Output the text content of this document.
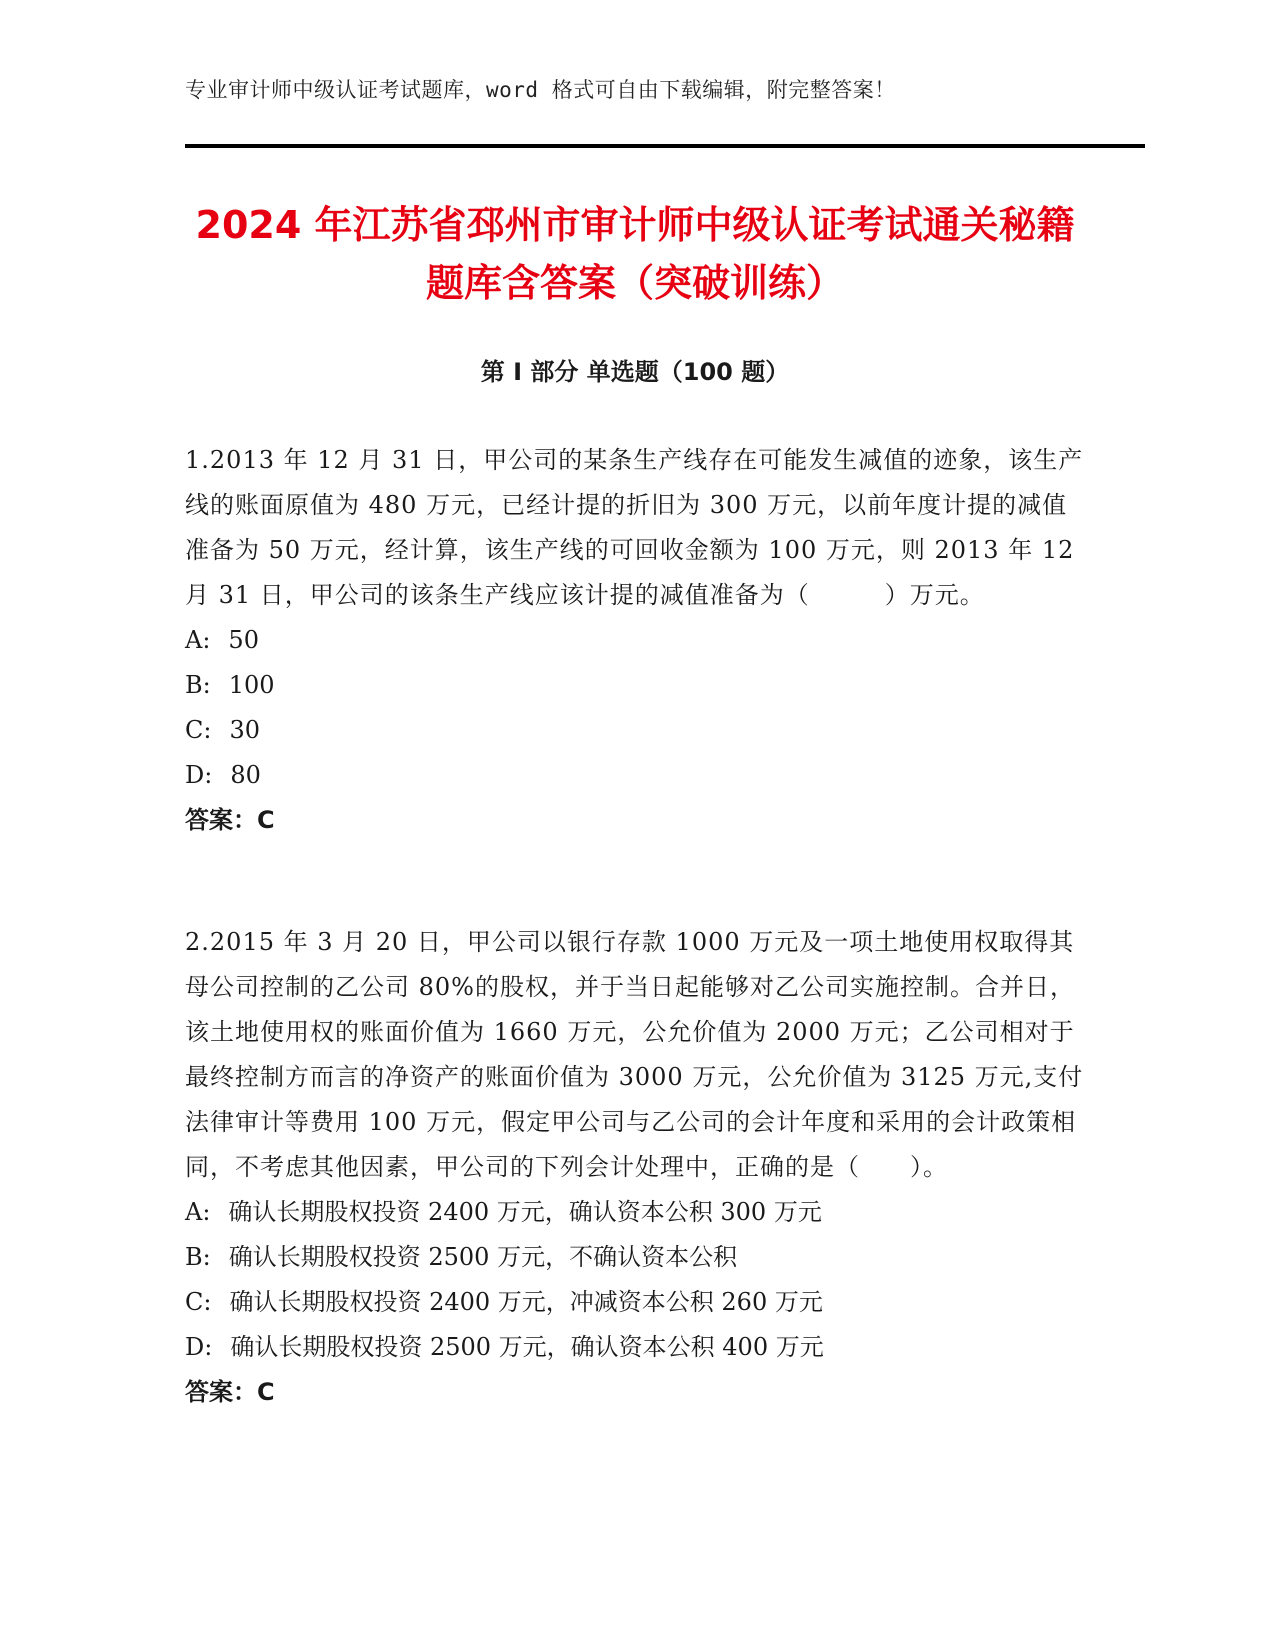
专业审计师中级认证考试题库，word 格式可自由下载编辑，附完整答案！
2024 年江苏省邳州市审计师中级认证考试通关秘籍题库含答案（突破训练）
第 I 部分 单选题（100 题）

1.2013 年 12 月 31 日，甲公司的某条生产线存在可能发生减值的迹象，该生产线的账面原值为 480 万元，已经计提的折旧为 300 万元，以前年度计提的减值准备为 50 万元，经计算，该生产线的可回收金额为 100 万元，则 2013 年 12 月 31 日，甲公司的该条生产线应该计提的减值准备为（　　　）万元。

A: 50

B: 100

C: 30

D: 80

答案：C

2.2015 年 3 月 20 日，甲公司以银行存款 1000 万元及一项土地使用权取得其母公司控制的乙公司 80%的股权，并于当日起能够对乙公司实施控制。合并日，该土地使用权的账面价值为 1660 万元，公允价值为 2000 万元；乙公司相对于最终控制方而言的净资产的账面价值为 3000 万元，公允价值为 3125 万元,支付法律审计等费用 100 万元，假定甲公司与乙公司的会计年度和采用的会计政策相同，不考虑其他因素，甲公司的下列会计处理中，正确的是（　　）。

A: 确认长期股权投资 2400 万元，确认资本公积 300 万元

B: 确认长期股权投资 2500 万元，不确认资本公积

C: 确认长期股权投资 2400 万元，冲减资本公积 260 万元

D: 确认长期股权投资 2500 万元，确认资本公积 400 万元

答案：C
